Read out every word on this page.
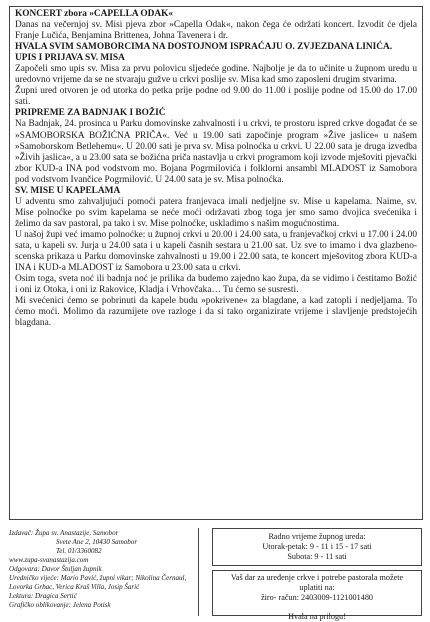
KONCERT zbora »CAPELLA ODAK«

Danas na večernjoj sv. Misi pjeva zbor »Capella Odak«, nakon čega će održati koncert. Izvodit će djela Franje Lučića, Benjamina Brittenea, Johna Tavenera i dr.

HVALA SVIM SAMOBORCIMA NA DOSTOJNOM ISPRAĆAJU O. ZVJEZDANA LINIĆA.

UPIS I PRIJAVA SV. MISA

Započeli smo upis sv. Misa za prvu polovicu sljedeće godine. Najbolje je da to učinite u župnom uredu u uredovno vrijeme da se ne stvaraju gužve u crkvi poslije sv. Misa kad smo zaposleni drugim stvarima.

Župni ured otvoren je od utorka do petka prije podne od 9.00 do 11.00 i poslije podne od 15.00 do 17.00 sati.

PRIPREME ZA BADNJAK I BOŽIĆ

Na Badnjak, 24. prosinca u Parku domovinske zahvalnosti i u crkvi, te prostoru ispred crkve događat će se »SAMOBORSKA BOŽIĆNA PRIČA«. Već u 19.00 sati započinje program »Žive jaslice« u našem »Samoborskom Betlehemu«. U 20.00 sati je prva sv. Misa polnoćka u crkvi. U 22.00 sata je druga izvedba »Živih jaslica«, a u 23.00 sata se božićna priča nastavlja u crkvi programom koji izvode mješoviti pjevački zbor KUD-a INA pod vodstvom mo. Bojana Pogrmilovića i folklorni ansambl MLADOST iz Samobora pod vodstvom Ivančice Pogrmilović. U 24.00 sata je sv. Misa polnoćka.

SV. MISE U KAPELAMA

U adventu smo zahvaljujući pomoći patera franjevaca imali nedjeljne sv. Mise u kapelama. Naime, sv. Mise polnoćke po svim kapelama se neće moći održavati zbog toga jer smo samo dvojica svećenika i želimo da sav pastoral, pa tako i sv. Mise polnoćke, uskladimo s našim mogućnostima.

U našoj župi već imamo polnoćke: u župnoj crkvi u 20.00 i 24.00 sata, u franjevačkoj crkvi u 17.00 i 24.00 sata, u kapeli sv. Jurja u 24.00 sata i u kapeli časnih sestara u 21.00 sat. Uz sve to imamo i dva glazbeno-scenska prikaza u Parku domovinske zahvalnosti u 19.00 i 22.00 sata, te koncert mješovitog zbora KUD-a INA i KUD-a MLADOST iz Samobora u 23.00 sata u crkvi.

Osim toga, sveta noć ili badnja noć je prilika da budemo zajedno kao župa, da se vidimo i čestitamo Božić i oni iz Otoka, i oni iz Rakovice, Kladja i Vrhovčaka… Tu ćemo se susresti.

Mi svećenici ćemo se pobrinuti da kapele budu »pokrivene« za blagdane, a kad zatopli i nedjeljama. To ćemo moći. Molimo da razumijete ove razloge i da si tako organizirate vrijeme i slavljenje predstojećih blagdana.

Izdavač: Župa sv. Anastazije, Samobor

Svete Ane 2, 10430 Samobor

Tel. 01/3360082

www.zupa-svanastazija.com

Odgovara: Davor Štuljan župnik

Uredničko vijeće: Mario Pavić, župni vikar; Nikolina Černaul, Lovorka Grbac, Verica Kraš Villa, Josip Šarić

Lektura: Dragica Sertić

Grafičko oblikovanje: Jelena Potisk

Radno vrijeme župnog ureda:

Utorak-petak: 9 - 11 i 15 - 17 sati

Subota: 9 - 11 sati

Vaš dar za uređenje crkve i potrebe pastorala možete

uplatiti na:

žiro- račun: 2403009-1121001480

Hvala na prilogu!
